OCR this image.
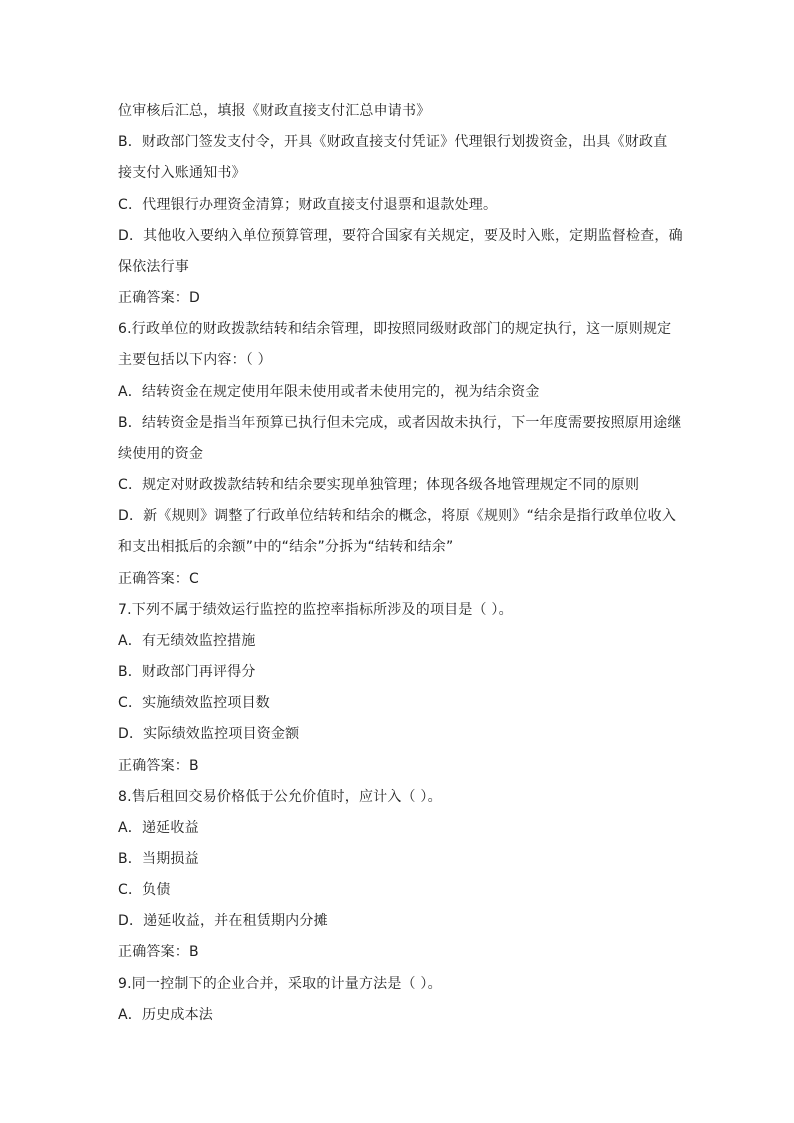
位审核后汇总，填报《财政直接支付汇总申请书》
B．财政部门签发支付令，开具《财政直接支付凭证》代理银行划拨资金，出具《财政直
接支付入账通知书》
C．代理银行办理资金清算；财政直接支付退票和退款处理。
D．其他收入要纳入单位预算管理，要符合国家有关规定，要及时入账，定期监督检查，确
保依法行事
正确答案：D
6.行政单位的财政拨款结转和结余管理，即按照同级财政部门的规定执行，这一原则规定
主要包括以下内容：（ ）
A．结转资金在规定使用年限未使用或者未使用完的，视为结余资金
B．结转资金是指当年预算已执行但未完成，或者因故未执行，下一年度需要按照原用途继
续使用的资金
C．规定对财政拨款结转和结余要实现单独管理；体现各级各地管理规定不同的原则
D．新《规则》调整了行政单位结转和结余的概念，将原《规则》“结余是指行政单位收入
和支出相抵后的余额”中的“结余”分拆为“结转和结余”
正确答案：C
7.下列不属于绩效运行监控的监控率指标所涉及的项目是（ ）。
A．有无绩效监控措施
B．财政部门再评得分
C．实施绩效监控项目数
D．实际绩效监控项目资金额
正确答案：B
8.售后租回交易价格低于公允价值时，应计入（ ）。
A．递延收益
B．当期损益
C．负债
D．递延收益，并在租赁期内分摊
正确答案：B
9.同一控制下的企业合并，采取的计量方法是（ ）。
A．历史成本法
